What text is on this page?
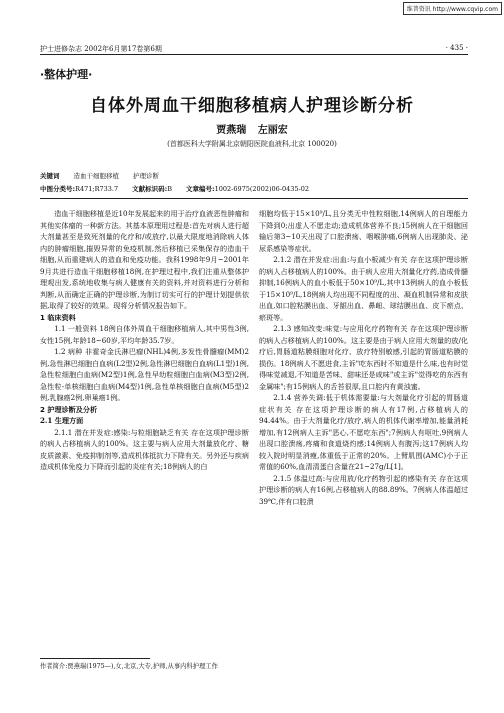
维普资讯 http://www.cqvip.com
护士进修杂志 2002年6月第17卷第6期	· 435 ·
·整体护理·
自体外周血干细胞移植病人护理诊断分析
贾燕瑞 左丽宏
(首都医科大学附属北京朝阳医院血液科,北京 100020)
关键词 造血干细胞移植 护理诊断
中图分类号:R471;R733.7 文献标识码:B 文章编号:1002-6975(2002)06-0435-02

造血干细胞移植是近10年发展起来的用于治疗血液恶性肿瘤和其他实体瘤的一种新方法。其基本原理用过程是:首先对病人进行超大剂量甚至是致死剂量的化疗和/或放疗,以最大限度地消除病人体内的肿瘤细胞,摧毁异常的免疫机制,然后移植已采集保存的造血干细胞,从而重建病人的造血和免疫功能。我科1998年9月~2001年9月共进行造血干细胞移植18例,在护理过程中,我们注重从整体护理观出发,系统地收集与病人健康有关的资料,并对资料进行分析和判断,从而确定正确的护理诊断,为制订切实可行的护理计划提供依据,取得了较好的效果。现将分析情况报告如下。

1 临床资料

1.1 一般资料 18例自体外周血干细胞移植病人,其中男性3例,女性15例,年龄18~60岁,平均年龄35.7岁。

1.2 病种 非霍奇金氏淋巴瘤(NHL)4例,多发性骨髓瘤(MM)2例,急性淋巴细胞白血病(L2型)2例,急性淋巴细胞白血病(L1型)1例,急性粒细胞白血病(M2型)1例,急性早幼粒细胞白血病(M3型)2例,急性粒-单核细胞白血病(M4型)1例,急性单核细胞白血病(M5型)2例,乳腺癌2例,卵巢癌1例。

2 护理诊断及分析

2.1 生理方面

2.1.1 潜在并发症:感染:与粒细胞缺乏有关 存在这项护理诊断的病人占移植病人的100%。这主要与病人应用大剂量放化疗、糖皮质激素、免疫抑制剂等,造成机体抵抗力下降有关。另外还与疾病造成机体免疫力下降而引起的炎症有关;18例病人的白

细胞均低于15×10⁹/L,且分类无中性粒细胞,14例病人的自理能力下降到0;出虚人不愿走动;造成机体营养不良;15例病人在干细胞回输后第3~10天出现了口腔溃疡、咽喉肿痛,6例病人出现肺炎、泌尿系感染等症状。

2.1.2 潜在并发症:出血:与血小板减少有关 存在这项护理诊断的病人占移植病人的100%。由于病人应用大剂量化疗药,造成骨髓抑制,16例病人的血小板低于50×10⁹/L,其中13例病人的血小板低于15×10⁹/L,18例病人均出现不同程度的出、凝血机制异常和皮肤出血,如口腔粘膜出血、牙龈出血、鼻衄、球结膜出血、皮下瘀点、瘀斑等。

2.1.3 感知改变:味觉:与应用化疗药物有关 存在这项护理诊断的病人占移植病人的100%。这主要是由于病人应用大剂量的放/化疗后,胃肠道粘膜细胞对化疗、放疗特别敏感,引起的胃肠道粘膜的损伤。18例病人不愿进食,主诉"吃东西时不知道是什么味,也有时觉得味觉减退,不知道是苦味、甜味还是咸味"或主诉"觉得吃的东西有金属味";有15例病人的舌苔很厚,且口腔内有黄浊蜜。

2.1.4 营养失调:低于机体需要量:与大剂量化疗引起的胃肠道症状有关 存在这项护理诊断的病人有17例,占移植病人的94.44%。由于大剂量化疗/放疗,病人的机体代谢率增加,能量消耗增加,有12例病人主诉"恶心,不愿吃东西";7例病人有呕吐,9例病人出现口腔溃疡,疼痛和食道烧灼感;14例病人有腹泻;这17例病人均较入院时明显消瘦,体重低于正常的20%。上臂肌围(AMC)小于正常值的60%,血清清蛋白含量在21~27g/L[1]。

2.1.5 体温过高:与应用放/化疗药物引起的感染有关 存在这项护理诊断的病人有16例,占移植病人的88.89%。7例病人体温超过39℃,伴有口腔溃

作者简介:贾燕瑞(1975—),女,北京,大专,护师,从事内科护理工作
